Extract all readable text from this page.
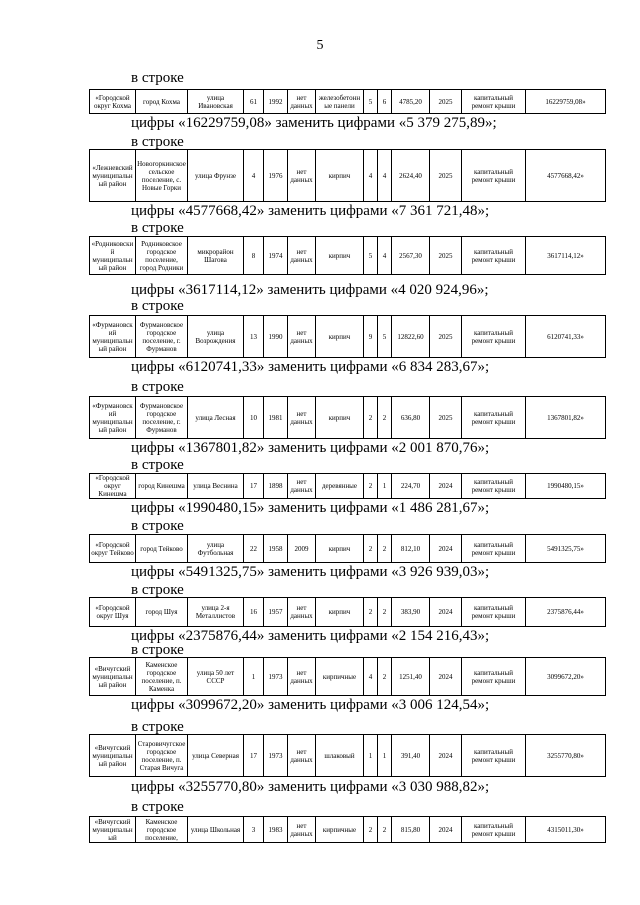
5
в строке
«Городской округ Кохма	город Кохма	улица Ивановская	61	1992	нет данных	железобетонные панели	5	6	4785,20	2025	капитальный ремонт крыши	16229759,08»
цифры «16229759,08» заменить цифрами «5 379 275,89»;
в строке
«Лежневский муниципальный район	Новогоркинское сельское поселение, с. Новые Горки	улица Фрунзе	4	1976	нет данных	кирпич	4	4	2624,40	2025	капитальный ремонт крыши	4577668,42»
цифры «4577668,42» заменить цифрами «7 361 721,48»;
в строке
«Родниковский муниципальный район	Родниковское городское поселение, город Родники	микрорайон Шагова	8	1974	нет данных	кирпич	5	4	2567,30	2025	капитальный ремонт крыши	3617114,12»
цифры «3617114,12» заменить цифрами «4 020 924,96»;
в строке
«Фурмановский муниципальный район	Фурмановское городское поселение, г. Фурманов	улица Возрождения	13	1990	нет данных	кирпич	9	5	12822,60	2025	капитальный ремонт крыши	6120741,33»
цифры «6120741,33» заменить цифрами «6 834 283,67»;
в строке
«Фурмановский муниципальный район	Фурмановское городское поселение, г. Фурманов	улица Лесная	10	1981	нет данных	кирпич	2	2	636,80	2025	капитальный ремонт крыши	1367801,82»
цифры «1367801,82» заменить цифрами «2 001 870,76»;
в строке
«Городской округ Кинешма	город Кинешма	улица Веснина	17	1898	нет данных	деревянные	2	1	224,70	2024	капитальный ремонт крыши	1990480,15»
цифры «1990480,15» заменить цифрами «1 486 281,67»;
в строке
«Городской округ Тейково	город Тейково	улица Футбольная	22	1958	2009	кирпич	2	2	812,10	2024	капитальный ремонт крыши	5491325,75»
цифры «5491325,75» заменить цифрами «3 926 939,03»;
в строке
«Городской округ Шуя	город Шуя	улица 2-я Металлистов	16	1957	нет данных	кирпич	2	2	383,90	2024	капитальный ремонт крыши	2375876,44»
цифры «2375876,44» заменить цифрами «2 154 216,43»;
в строке
«Вичугский муниципальный район	Каменское городское поселение, п. Каменка	улица 50 лет СССР	1	1973	нет данных	кирпичные	4	2	1251,40	2024	капитальный ремонт крыши	3099672,20»
цифры «3099672,20» заменить цифрами «3 006 124,54»;
в строке
«Вичугский муниципальный район	Старовичугское городское поселение, п. Старая Вичуга	улица Северная	17	1973	нет данных	шлаковый	1	1	391,40	2024	капитальный ремонт крыши	3255770,80»
цифры «3255770,80» заменить цифрами «3 030 988,82»;
в строке
«Вичугский муниципальный	Каменское городское поселение,	улица Школьная	3	1983	нет данных	кирпичные	2	2	815,80	2024	капитальный ремонт крыши	4315011,30»
